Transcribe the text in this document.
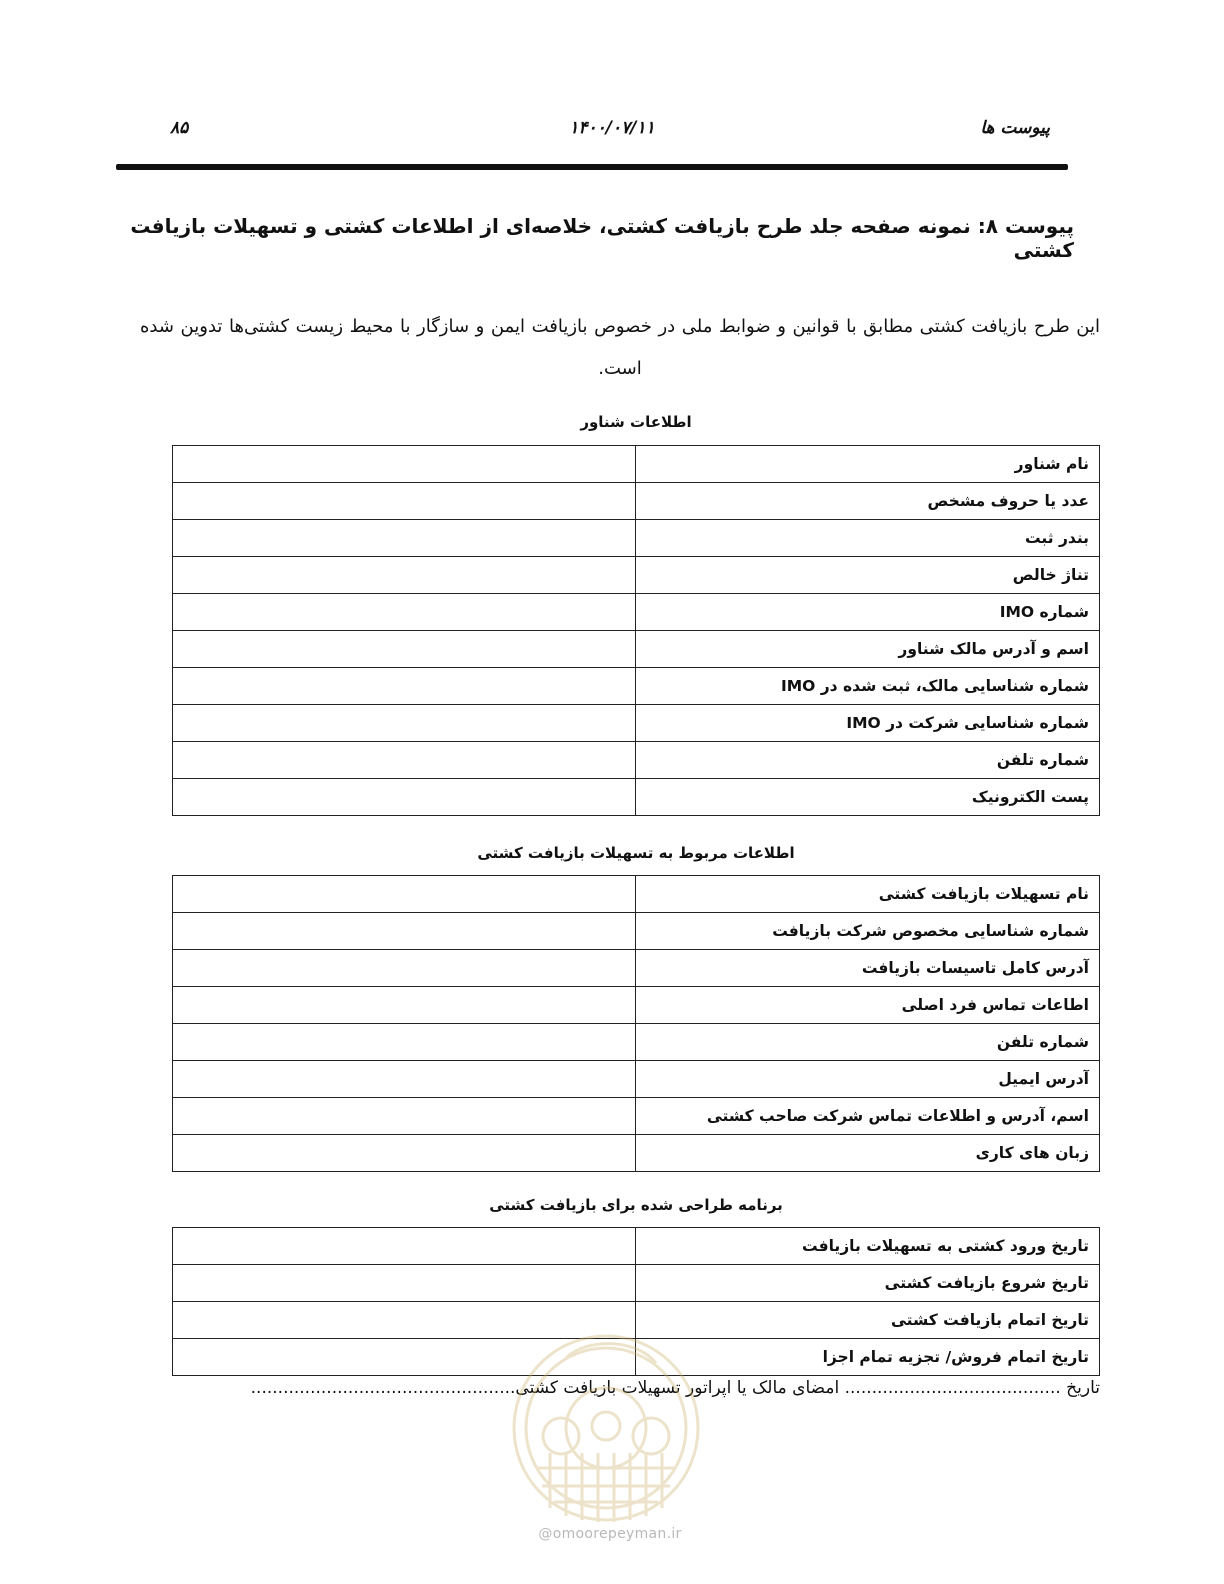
پیوست ها
۱۴۰۰/۰۷/۱۱
۸۵
پیوست ۸: نمونه صفحه جلد طرح بازیافت کشتی، خلاصه‌ای از اطلاعات کشتی و تسهیلات بازیافت کشتی
این طرح بازیافت کشتی مطابق با قوانین و ضوابط ملی در خصوص بازیافت ایمن و سازگار با محیط زیست کشتی‌ها تدوین شده است.
اطلاعات شناور
نام شناور	
عدد یا حروف مشخص	
بندر ثبت	
تناژ خالص	
شماره IMO	
اسم و آدرس مالک شناور	
شماره شناسایی مالک، ثبت شده در IMO	
شماره شناسایی شرکت در IMO	
شماره تلفن	
پست الکترونیک	
اطلاعات مربوط به تسهیلات بازیافت کشتی
نام تسهیلات بازیافت کشتی	
شماره شناسایی مخصوص شرکت بازیافت	
آدرس کامل تاسیسات بازیافت	
اطاعات تماس فرد اصلی	
شماره تلفن	
آدرس ایمیل	
اسم، آدرس و اطلاعات تماس شرکت صاحب کشتی	
زبان های کاری	
برنامه طراحی شده برای بازیافت کشتی
تاریخ ورود کشتی به تسهیلات بازیافت	
تاریخ شروع بازیافت کشتی	
تاریخ اتمام بازیافت کشتی	
تاریخ اتمام فروش/ تجزیه تمام اجزا	
تاریخ ........................................ امضای مالک یا اپراتور تسهیلات بازیافت کشتی.................................................
@omoorepeyman.ir
